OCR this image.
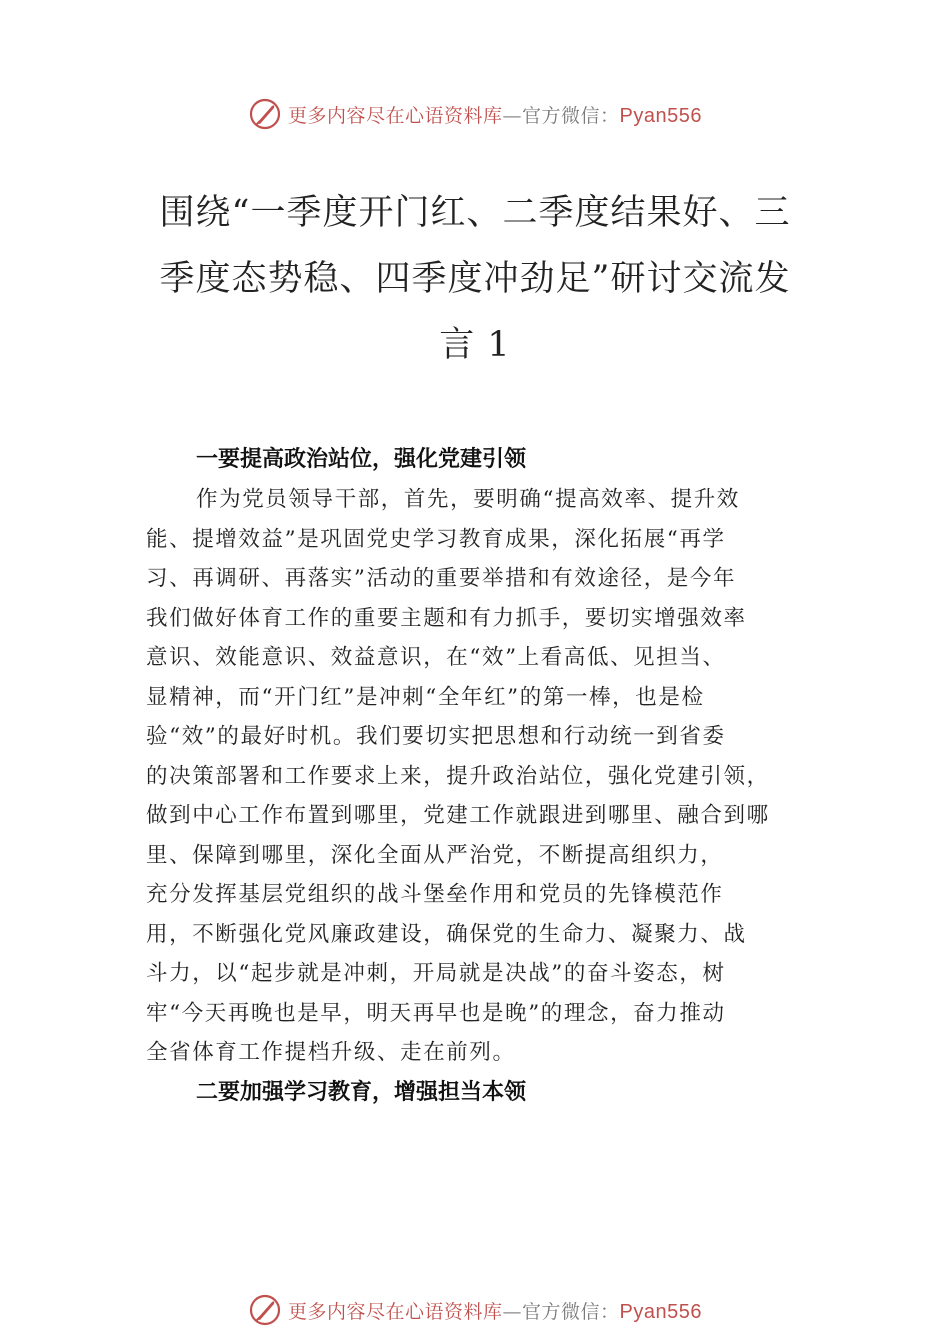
更多内容尽在心语资料库—官方微信：Pyan556
围绕“一季度开门红、二季度结果好、三
季度态势稳、四季度冲劲足”研讨交流发
言 1

一要提高政治站位，强化党建引领

作为党员领导干部，首先，要明确“提高效率、提升效
能、提增效益”是巩固党史学习教育成果，深化拓展“再学
习、再调研、再落实”活动的重要举措和有效途径，是今年
我们做好体育工作的重要主题和有力抓手，要切实增强效率
意识、效能意识、效益意识，在“效”上看高低、见担当、
显精神，而“开门红”是冲刺“全年红”的第一棒，也是检
验“效”的最好时机。我们要切实把思想和行动统一到省委
的决策部署和工作要求上来，提升政治站位，强化党建引领，
做到中心工作布置到哪里，党建工作就跟进到哪里、融合到哪
里、保障到哪里，深化全面从严治党，不断提高组织力，
充分发挥基层党组织的战斗堡垒作用和党员的先锋模范作
用，不断强化党风廉政建设，确保党的生命力、凝聚力、战
斗力，以“起步就是冲刺，开局就是决战”的奋斗姿态，树
牢“今天再晚也是早，明天再早也是晚”的理念，奋力推动
全省体育工作提档升级、走在前列。

二要加强学习教育，增强担当本领

更多内容尽在心语资料库—官方微信：Pyan556
